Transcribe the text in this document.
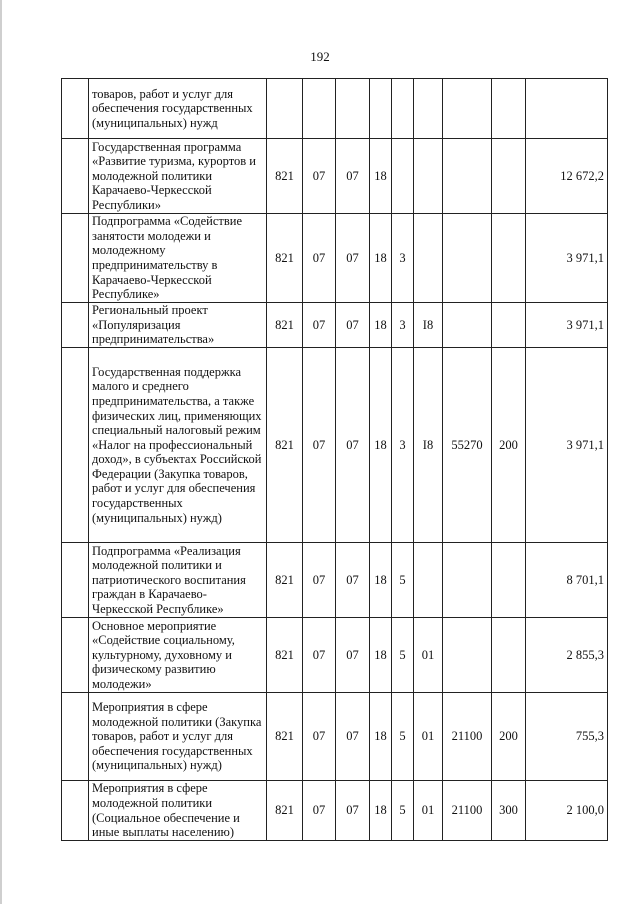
192
	товаров, работ и услуг для обеспечения государственных (муниципальных) нужд									
	Государственная программа «Развитие туризма, курортов и молодежной политики Карачаево-Черкесской Республики»	821	07	07	18					12 672,2
	Подпрограмма «Содействие занятости молодежи и молодежному предпринимательству в Карачаево-Черкесской Республике»	821	07	07	18	3				3 971,1
	Региональный проект «Популяризация предпринимательства»	821	07	07	18	3	I8			3 971,1
	Государственная поддержка малого и среднего предпринимательства, а также физических лиц, применяющих специальный налоговый режим «Налог на профессиональный доход», в субъектах Российской Федерации (Закупка товаров, работ и услуг для обеспечения государственных (муниципальных) нужд)	821	07	07	18	3	I8	55270	200	3 971,1
	Подпрограмма «Реализация молодежной политики и патриотического воспитания граждан в Карачаево-Черкесской Республике»	821	07	07	18	5				8 701,1
	Основное мероприятие «Содействие социальному, культурному, духовному и физическому развитию молодежи»	821	07	07	18	5	01			2 855,3
	Мероприятия в сфере молодежной политики (Закупка товаров, работ и услуг для обеспечения государственных (муниципальных) нужд)	821	07	07	18	5	01	21100	200	755,3
	Мероприятия в сфере молодежной политики (Социальное обеспечение и иные выплаты населению)	821	07	07	18	5	01	21100	300	2 100,0
